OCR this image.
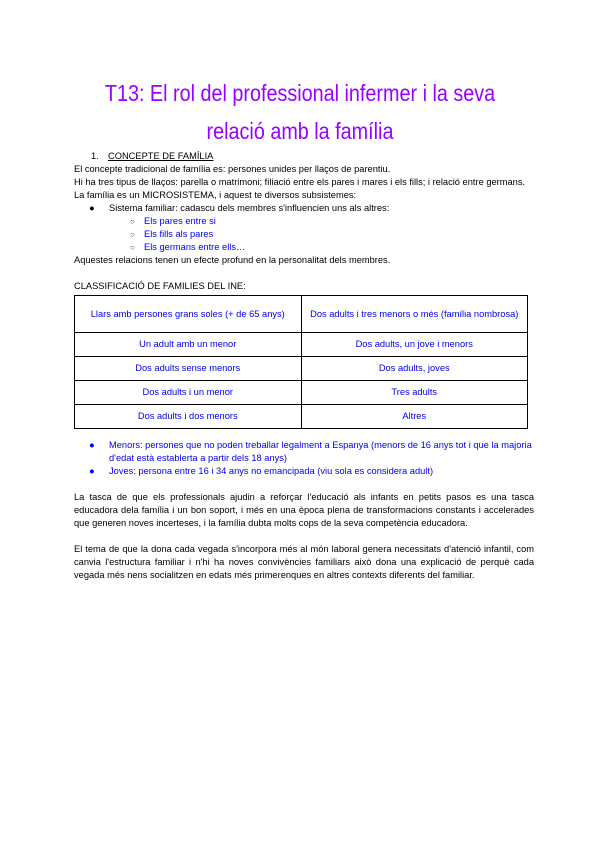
T13: El rol del professional infermer i la seva relació amb la família
1. CONCEPTE DE FAMÍLIA

El concepte tradicional de família es: persones unides per llaços de parentiu.

Hi ha tres tipus de llaços: parella o matrimoni; filiació entre els pares i mares i els fills; i relació entre germans.

La família es un MICROSISTEMA, i aquest te diversos subsistemes:

●	Sistema familiar: cadascu dels membres s'influencien uns als altres:
○ Els pares entre si
○ Els fills als pares
○ Els germans entre ells…

Aquestes relacions tenen un efecte profund en la personalitat dels membres.

CLASSIFICACIÓ DE FAMILIES DEL INE:

Llars amb persones grans soles (+ de 65 anys)	Dos adults i tres menors o més (família nombrosa)
Un adult amb un menor	Dos adults, un jove i menors
Dos adults sense menors	Dos adults, joves
Dos adults i un menor	Tres adults
Dos adults i dos menors	Altres
●	Menors: persones que no poden treballar legalment a Espanya (menors de 16 anys tot i que la majoria d'edat està establerta a partir dels 18 anys)
●	Joves: persona entre 16 i 34 anys no emancipada (viu sola es considera adult)

La tasca de que els professionals ajudin a reforçar l'educació als infants en petits pasos es una tasca educadora dela família i un bon soport, i més en una època plena de transformacions constants i accelerades que generen noves incerteses, i la família dubta molts cops de la seva competència educadora.

El tema de que la dona cada vegada s'incorpora més al món laboral genera necessitats d'atenció infantil, com canvia l'estructura familiar i n'hi ha noves convivències familiars això dona una explicació de perquè cada vegada més nens socialitzen en edats més primerenques en altres contexts diferents del familiar.
